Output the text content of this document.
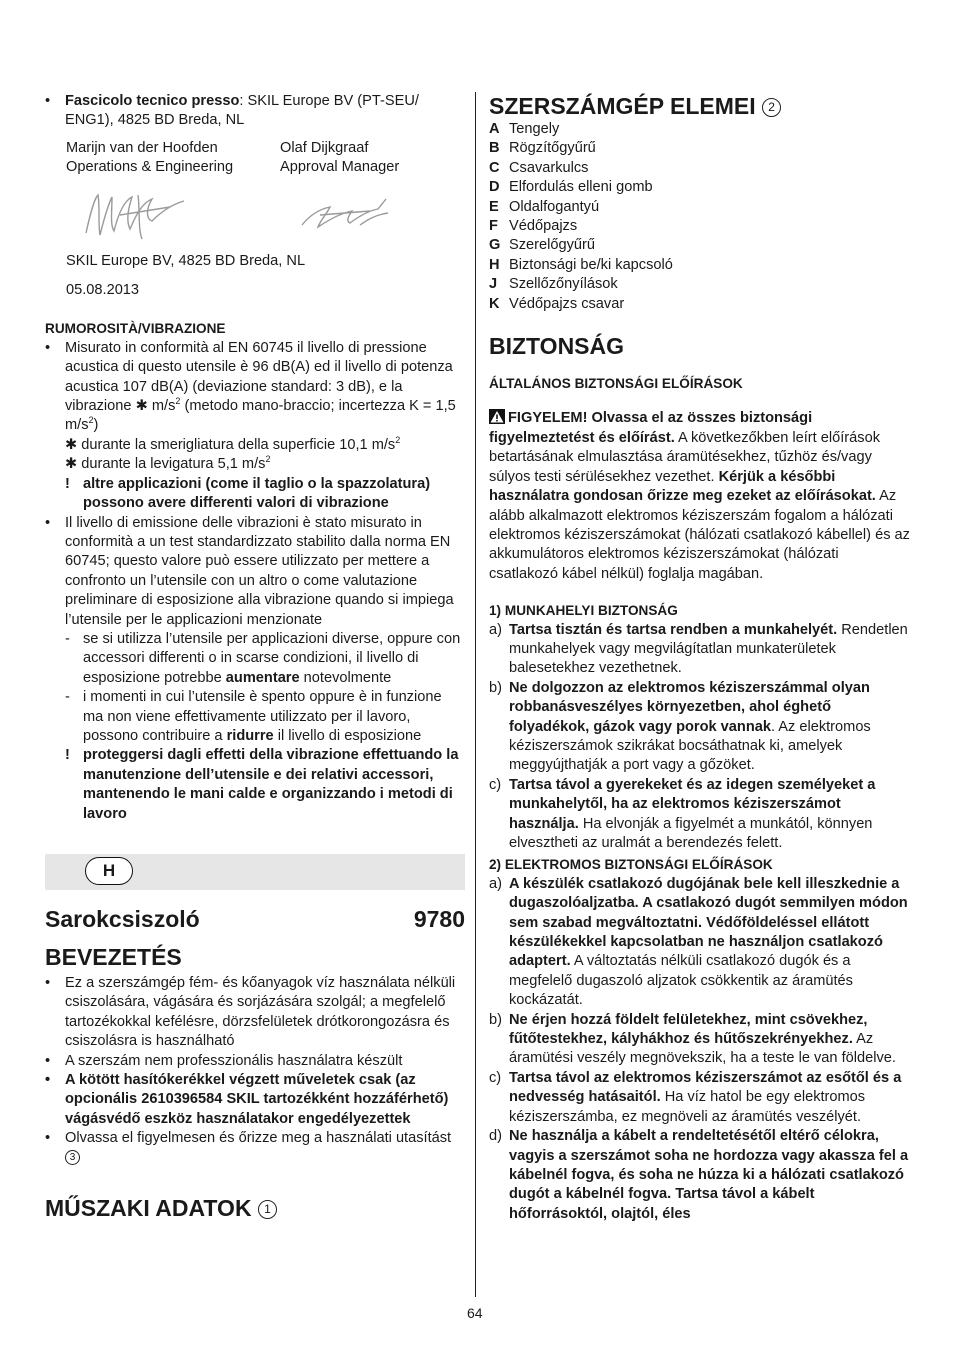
• Fascicolo tecnico presso: SKIL Europe BV (PT-SEU/ ENG1), 4825 BD Breda, NL

Marijn van der Hoofden
Operations & Engineering
Olaf Dijkgraaf
Approval Manager

SKIL Europe BV, 4825 BD Breda, NL

05.08.2013

RUMOROSITÀ/VIBRAZIONE

• Misurato in conformità al EN 60745 il livello di pressione acustica di questo utensile è 96 dB(A) ed il livello di potenza acustica 107 dB(A) (deviazione standard: 3 dB), e la vibrazione ✱ $m/s^2$ (metodo mano-braccio; incertezza K = 1,5 $m/s^2$)

✱ durante la smerigliatura della superficie 10,1 $m/s^2$

✱ durante la levigatura 5,1 $m/s^2$

! altre applicazioni (come il taglio o la spazzolatura) possono avere differenti valori di vibrazione

• Il livello di emissione delle vibrazioni è stato misurato in conformità a un test standardizzato stabilito dalla norma EN 60745; questo valore può essere utilizzato per mettere a confronto un l’utensile con un altro o come valutazione preliminare di esposizione alla vibrazione quando si impiega l’utensile per le applicazioni menzionate

- se si utilizza l’utensile per applicazioni diverse, oppure con accessori differenti o in scarse condizioni, il livello di esposizione potrebbe aumentare notevolmente

- i momenti in cui l’utensile è spento oppure è in funzione ma non viene effettivamente utilizzato per il lavoro, possono contribuire a ridurre il livello di esposizione

! proteggersi dagli effetti della vibrazione effettuando la manutenzione dell’utensile e dei relativi accessori, mantenendo le mani calde e organizzando i metodi di lavoro

H
Sarokcsiszoló	9780

BEVEZETÉS

• Ez a szerszámgép fém- és kőanyagok víz használata nélküli csiszolására, vágására és sorjázására szolgál; a megfelelő tartozékokkal kefélésre, dörzsfelületek drótkorongozásra és csiszolásra is használható

• A szerszám nem professzionális használatra készült

• A kötött hasítókerékkel végzett műveletek csak (az opcionális 2610396584 SKIL tartozékként hozzáférhető) vágásvédő eszköz használatakor engedélyezettek

• Olvassa el figyelmesen és őrizze meg a használati utasítást 3

MŰSZAKI ADATOK 1

SZERSZÁMGÉP ELEMEI 2

A Tengely

B Rögzítőgyűrű

C Csavarkulcs

D Elfordulás elleni gomb

E Oldalfogantyú

F Védőpajzs

G Szerelőgyűrű

H Biztonsági be/ki kapcsoló

J Szellőzőnyílások

K Védőpajzs csavar

BIZTONSÁG

ÁLTALÁNOS BIZTONSÁGI ELŐÍRÁSOK

FIGYELEM! Olvassa el az összes biztonsági figyelmeztetést és előírást. A következőkben leírt előírások betartásának elmulasztása áramütésekhez, tűzhöz és/vagy súlyos testi sérülésekhez vezethet. Kérjük a későbbi használatra gondosan őrizze meg ezeket az előírásokat. Az alább alkalmazott elektromos kéziszerszám fogalom a hálózati elektromos kéziszerszámokat (hálózati csatlakozó kábellel) és az akkumulátoros elektromos kéziszerszámokat (hálózati csatlakozó kábel nélkül) foglalja magában.

1) MUNKAHELYI BIZTONSÁG

a) Tartsa tisztán és tartsa rendben a munkahelyét. Rendetlen munkahelyek vagy megvilágítatlan munkaterületek balesetekhez vezethetnek.

b) Ne dolgozzon az elektromos kéziszerszámmal olyan robbanásveszélyes környezetben, ahol éghető folyadékok, gázok vagy porok vannak. Az elektromos kéziszerszámok szikrákat bocsáthatnak ki, amelyek meggyújthatják a port vagy a gőzöket.

c) Tartsa távol a gyerekeket és az idegen személyeket a munkahelytől, ha az elektromos kéziszerszámot használja. Ha elvonják a figyelmét a munkától, könnyen elvesztheti az uralmát a berendezés felett.

2) ELEKTROMOS BIZTONSÁGI ELŐÍRÁSOK

a) A készülék csatlakozó dugójának bele kell illeszkednie a dugaszolóaljzatba. A csatlakozó dugót semmilyen módon sem szabad megváltoztatni. Védőföldeléssel ellátott készülékekkel kapcsolatban ne használjon csatlakozó adaptert. A változtatás nélküli csatlakozó dugók és a megfelelő dugaszoló aljzatok csökkentik az áramütés kockázatát.

b) Ne érjen hozzá földelt felületekhez, mint csövekhez, fűtőtestekhez, kályhákhoz és hűtőszekrényekhez. Az áramütési veszély megnövekszik, ha a teste le van földelve.

c) Tartsa távol az elektromos kéziszerszámot az esőtől és a nedvesség hatásaitól. Ha víz hatol be egy elektromos kéziszerszámba, ez megnöveli az áramütés veszélyét.

d) Ne használja a kábelt a rendeltetésétől eltérő célokra, vagyis a szerszámot soha ne hordozza vagy akassza fel a kábelnél fogva, és soha ne húzza ki a hálózati csatlakozó dugót a kábelnél fogva. Tartsa távol a kábelt hőforrásoktól, olajtól, éles

64
